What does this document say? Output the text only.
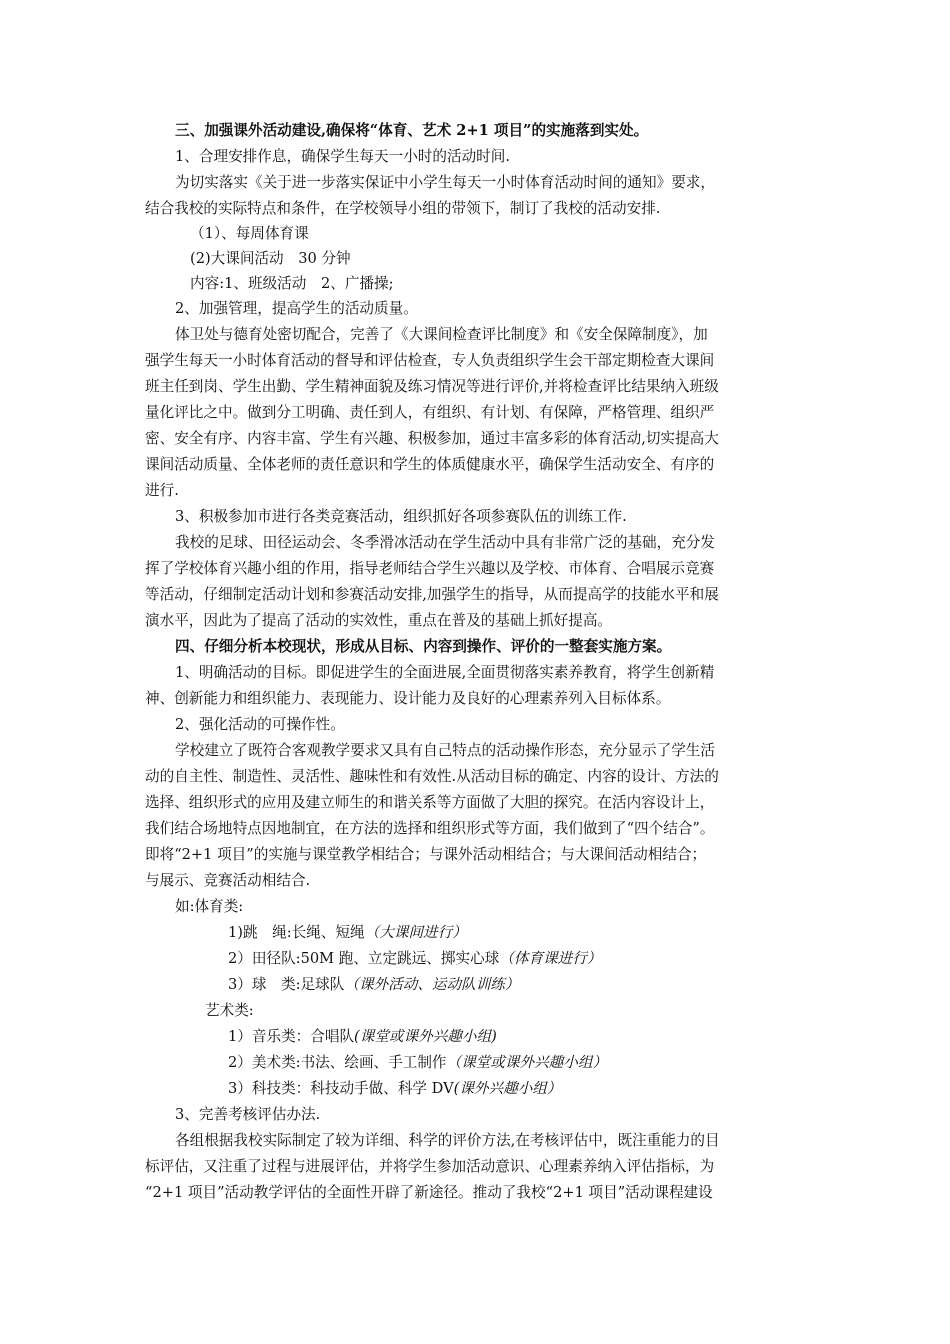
三、加强课外活动建设,确保将“体育、艺术 2+1 项目”的实施落到实处。
1、合理安排作息，确保学生每天一小时的活动时间.
为切实落实《关于进一步落实保证中小学生每天一小时体育活动时间的通知》要求，
结合我校的实际特点和条件，在学校领导小组的带领下，制订了我校的活动安排.
（1）、每周体育课
(2)大课间活动　30 分钟
内容:1、班级活动　2、广播操;
2、加强管理，提高学生的活动质量。
体卫处与德育处密切配合，完善了《大课间检查评比制度》和《安全保障制度》，加
强学生每天一小时体育活动的督导和评估检查，专人负责组织学生会干部定期检查大课间
班主任到岗、学生出勤、学生精神面貌及练习情况等进行评价,并将检查评比结果纳入班级
量化评比之中。做到分工明确、责任到人，有组织、有计划、有保障，严格管理、组织严
密、安全有序、内容丰富、学生有兴趣、积极参加，通过丰富多彩的体育活动,切实提高大
课间活动质量、全体老师的责任意识和学生的体质健康水平，确保学生活动安全、有序的
进行.
3、积极参加市进行各类竞赛活动，组织抓好各项参赛队伍的训练工作.
我校的足球、田径运动会、冬季滑冰活动在学生活动中具有非常广泛的基础，充分发
挥了学校体育兴趣小组的作用，指导老师结合学生兴趣以及学校、市体育、合唱展示竞赛
等活动，仔细制定活动计划和参赛活动安排,加强学生的指导，从而提高学的技能水平和展
演水平，因此为了提高了活动的实效性，重点在普及的基础上抓好提高。
四、仔细分析本校现状，形成从目标、内容到操作、评价的一整套实施方案。
1、明确活动的目标。即促进学生的全面进展,全面贯彻落实素养教育，将学生创新精
神、创新能力和组织能力、表现能力、设计能力及良好的心理素养列入目标体系。
2、强化活动的可操作性。
学校建立了既符合客观教学要求又具有自己特点的活动操作形态，充分显示了学生活
动的自主性、制造性、灵活性、趣味性和有效性.从活动目标的确定、内容的设计、方法的
选择、组织形式的应用及建立师生的和谐关系等方面做了大胆的探究。在活内容设计上，
我们结合场地特点因地制宜，在方法的选择和组织形式等方面，我们做到了“四个结合”。
即将“2+1 项目”的实施与课堂教学相结合；与课外活动相结合；与大课间活动相结合；
与展示、竞赛活动相结合.
如:体育类:
1)跳　绳:长绳、短绳（大课间进行）
2）田径队:50M 跑、立定跳远、掷实心球（体育课进行）
3）球　类:足球队（课外活动、运动队训练）
艺术类:
1）音乐类：合唱队(课堂或课外兴趣小组)
2）美术类:书法、绘画、手工制作（课堂或课外兴趣小组）
3）科技类：科技动手做、科学 DV(课外兴趣小组）
3、完善考核评估办法.
各组根据我校实际制定了较为详细、科学的评价方法,在考核评估中，既注重能力的目
标评估，又注重了过程与进展评估，并将学生参加活动意识、心理素养纳入评估指标，为
“2+1 项目”活动教学评估的全面性开辟了新途径。推动了我校“2+1 项目”活动课程建设
